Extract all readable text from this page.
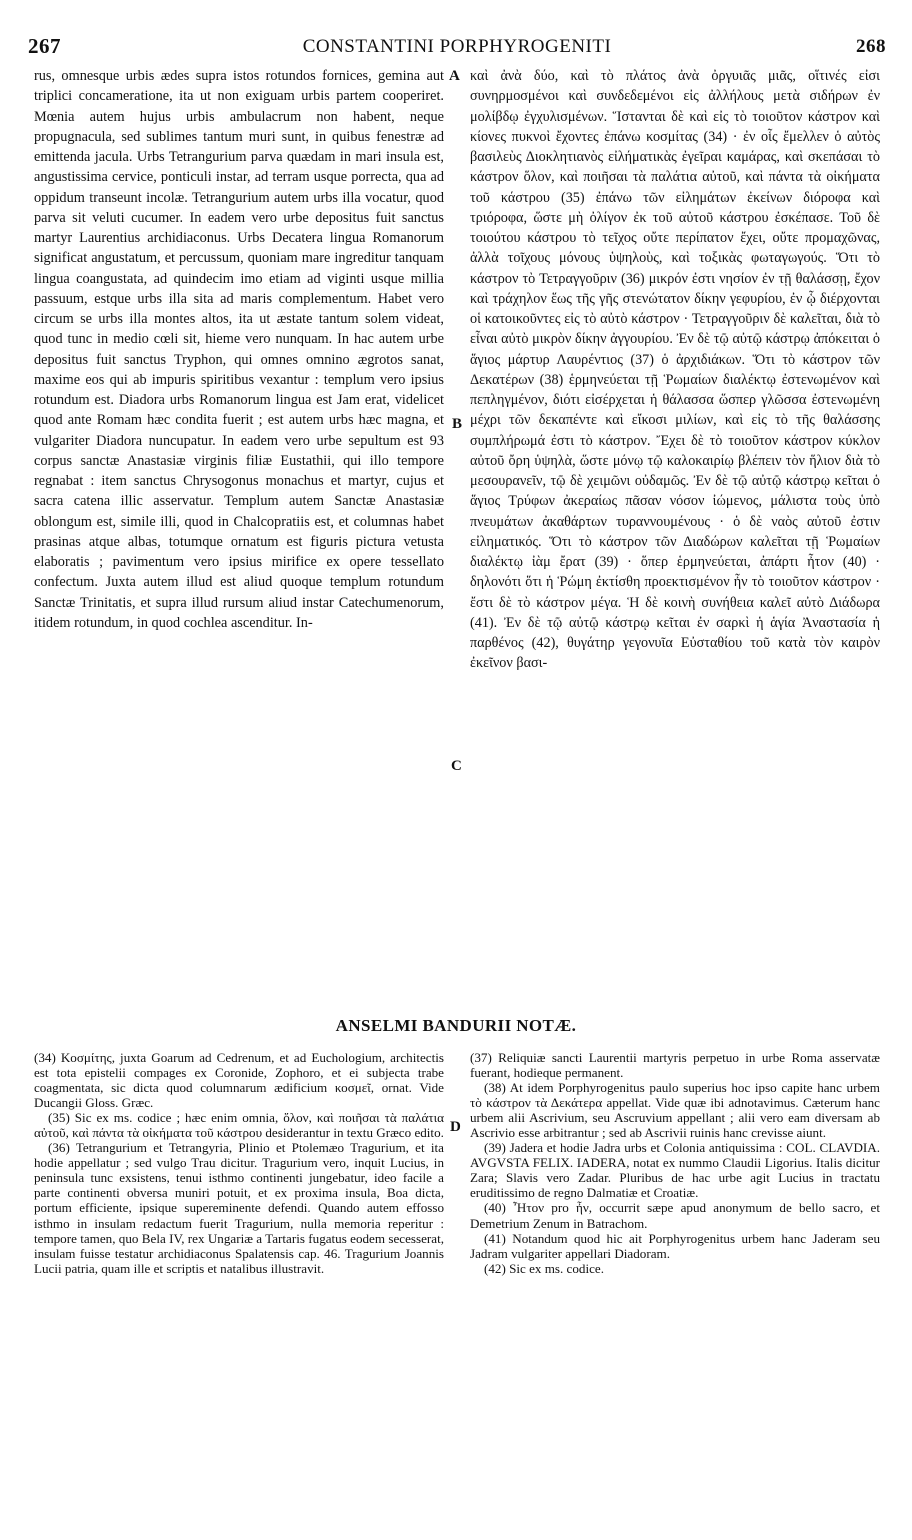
267	CONSTANTINI PORPHYROGENITI	268

rus, omnesque urbis ædes supra istos rotundos fornices, gemina aut triplici concameratione, ita ut non exiguam urbis partem cooperiret. Mœnia autem hujus urbis ambulacrum non habent, neque propugnacula, sed sublimes tantum muri sunt, in quibus fenestræ ad emittenda jacula. Urbs Tetrangurium parva quædam in mari insula est, angustissima cervice, ponticuli instar, ad terram usque porrecta, qua ad oppidum transeunt incolæ. Tetrangurium autem urbs illa vocatur, quod parva sit veluti cucumer. In eadem vero urbe depositus fuit sanctus martyr Laurentius archidiaconus. Urbs Decatera lingua Romanorum significat angustatum, et percussum, quoniam mare ingreditur tanquam lingua coangustata, ad quindecim imo etiam ad viginti usque millia passuum, estque urbs illa sita ad maris complementum. Habet vero circum se urbs illa montes altos, ita ut æstate tantum solem videat, quod tunc in medio cœli sit, hieme vero nunquam. In hac autem urbe depositus fuit sanctus Tryphon, qui omnes omnino ægrotos sanat, maxime eos qui ab impuris spiritibus vexantur : templum vero ipsius rotundum est. Diadora urbs Romanorum lingua est Jam erat, videlicet quod ante Romam hæc condita fuerit ; est autem urbs hæc magna, et vulgariter Diadora nuncupatur. In eadem vero urbe sepultum est 93 corpus sanctæ Anastasiæ virginis filiæ Eustathii, qui illo tempore regnabat : item sanctus Chrysogonus monachus et martyr, cujus et sacra catena illic asservatur. Templum autem Sanctæ Anastasiæ oblongum est, simile illi, quod in Chalcopratiis est, et columnas habet prasinas atque albas, totumque ornatum est figuris pictura vetusta elaboratis ; pavimentum vero ipsius mirifice ex opere tessellato confectum. Juxta autem illud est aliud quoque templum rotundum Sanctæ Trinitatis, et supra illud rursum aliud instar Catechumenorum, itidem rotundum, in quod cochlea ascenditur. In-

A
B
C
D

καὶ ἀνὰ δύο, καὶ τὸ πλάτος ἀνὰ ὀργυιᾶς μιᾶς, οἵτινές εἰσι συνηρμοσμένοι καὶ συνδεδεμένοι εἰς ἀλλήλους μετὰ σιδήρων ἐν μολίβδῳ ἐγχυλισμένων. Ἵστανται δὲ καὶ εἰς τὸ τοιοῦτον κάστρον καὶ κίονες πυκνοὶ ἔχοντες ἐπάνω κοσμίτας (34) · ἐν οἷς ἔμελλεν ὁ αὐτὸς βασιλεὺς Διοκλητιανὸς εἰλήματικὰς ἐγεῖραι καμάρας, καὶ σκεπάσαι τὸ κάστρον ὅλον, καὶ ποιῆσαι τὰ παλάτια αὐτοῦ, καὶ πάντα τὰ οἰκήματα τοῦ κάστρου (35) ἐπάνω τῶν εἰλημάτων ἐκείνων διόροφα καὶ τριόροφα, ὥστε μὴ ὀλίγον ἐκ τοῦ αὐτοῦ κάστρου ἐσκέπασε. Τοῦ δὲ τοιούτου κάστρου τὸ τεῖχος οὔτε περίπατον ἔχει, οὔτε προμαχῶνας, ἀλλὰ τοῖχους μόνους ὑψηλοὺς, καὶ τοξικὰς φωταγωγούς. Ὅτι τὸ κάστρον τὸ Τετραγγοῦριν (36) μικρόν ἐστι νησίον ἐν τῇ θαλάσσῃ, ἔχον καὶ τράχηλον ἕως τῆς γῆς στενώτατον δίκην γεφυρίου, ἐν ᾧ διέρχονται οἱ κατοικοῦντες εἰς τὸ αὐτὸ κάστρον · Τετραγγοῦριν δὲ καλεῖται, διὰ τὸ εἶναι αὐτὸ μικρὸν δίκην ἀγγουρίου. Ἐν δὲ τῷ αὐτῷ κάστρῳ ἀπόκειται ὁ ἅγιος μάρτυρ Λαυρέντιος (37) ὁ ἀρχιδιάκων. Ὅτι τὸ κάστρον τῶν Δεκατέρων (38) ἑρμηνεύεται τῇ Ῥωμαίων διαλέκτῳ ἐστενωμένον καὶ πεπληγμένον, διότι εἰσέρχεται ἡ θάλασσα ὥσπερ γλῶσσα ἐστενωμένη μέχρι τῶν δεκαπέντε καὶ εἴκοσι μιλίων, καὶ εἰς τὸ τῆς θαλάσσης συμπλήρωμά ἐστι τὸ κάστρον. Ἔχει δὲ τὸ τοιοῦτον κάστρον κύκλον αὐτοῦ ὄρη ὑψηλὰ, ὥστε μόνῳ τῷ καλοκαιρίῳ βλέπειν τὸν ἥλιον διὰ τὸ μεσουρανεῖν, τῷ δὲ χειμῶνι οὐδαμῶς. Ἐν δὲ τῷ αὐτῷ κάστρῳ κεῖται ὁ ἅγιος Τρύφων ἀκεραίως πᾶσαν νόσον ἰώμενος, μάλιστα τοὺς ὑπὸ πνευμάτων ἀκαθάρτων τυραννουμένους · ὁ δὲ ναὸς αὐτοῦ ἐστιν εἰληματικός. Ὅτι τὸ κάστρον τῶν Διαδώρων καλεῖται τῇ Ῥωμαίων διαλέκτῳ ἰὰμ ἔρατ (39) · ὅπερ ἑρμηνεύεται, ἀπάρτι ἦτον (40) · δηλονότι ὅτι ἡ Ῥώμη ἐκτίσθη προεκτισμένον ἦν τὸ τοιοῦτον κάστρον · ἔστι δὲ τὸ κάστρον μέγα. Ἡ δὲ κοινὴ συνήθεια καλεῖ αὐτὸ Διάδωρα (41). Ἐν δὲ τῷ αὐτῷ κάστρῳ κεῖται ἐν σαρκὶ ἡ ἁγία Ἀναστασία ἡ παρθένος (42), θυγάτηρ γεγονυῖα Εὐσταθίου τοῦ κατὰ τὸν καιρὸν ἐκεῖνον βασι-

ANSELMI BANDURII NOTÆ.

(34) Κοσμίτης, juxta Goarum ad Cedrenum, et ad Euchologium, architectis est tota epistelii compages ex Coronide, Zophoro, et ei subjecta trabe coagmentata, sic dicta quod columnarum ædificium κοσμεῖ, ornat. Vide Ducangii Gloss. Græc.

(35) Sic ex ms. codice ; hæc enim omnia, ὅλον, καὶ ποιῆσαι τὰ παλάτια αὐτοῦ, καὶ πάντα τὰ οἰκήματα τοῦ κάστρου desiderantur in textu Græco edito.

(36) Tetrangurium et Tetrangyria, Plinio et Ptolemæo Tragurium, et ita hodie appellatur ; sed vulgo Trau dicitur. Tragurium vero, inquit Lucius, in peninsula tunc exsistens, tenui isthmo continenti jungebatur, ideo facile a parte continenti obversa muniri potuit, et ex proxima insula, Boa dicta, portum efficiente, ipsique supereminente defendi. Quando autem effosso isthmo in insulam redactum fuerit Tragurium, nulla memoria reperitur : tempore tamen, quo Bela IV, rex Ungariæ a Tartaris fugatus eodem secesserat, insulam fuisse testatur archidiaconus Spalatensis cap. 46. Tragurium Joannis Lucii patria, quam ille et scriptis et natalibus illustravit.

(37) Reliquiæ sancti Laurentii martyris perpetuo in urbe Roma asservatæ fuerant, hodieque permanent.

(38) At idem Porphyrogenitus paulo superius hoc ipso capite hanc urbem τὸ κάστρον τὰ Δεκάτερα appellat. Vide quæ ibi adnotavimus. Cæterum hanc urbem alii Ascrivium, seu Ascruvium appellant ; alii vero eam diversam ab Ascrivio esse arbitrantur ; sed ab Ascrivii ruinis hanc crevisse aiunt.

(39) Jadera et hodie Jadra urbs et Colonia antiquissima : COL. CLAVDIA. AVGVSTA FELIX. IADERA, notat ex nummo Claudii Ligorius. Italis dicitur Zara; Slavis vero Zadar. Pluribus de hac urbe agit Lucius in tractatu eruditissimo de regno Dalmatiæ et Croatiæ.

(40) Ἦτον pro ἦν, occurrit sæpe apud anonymum de bello sacro, et Demetrium Zenum in Batrachom.

(41) Notandum quod hic ait Porphyrogenitus urbem hanc Jaderam seu Jadram vulgariter appellari Diadoram.

(42) Sic ex ms. codice.
